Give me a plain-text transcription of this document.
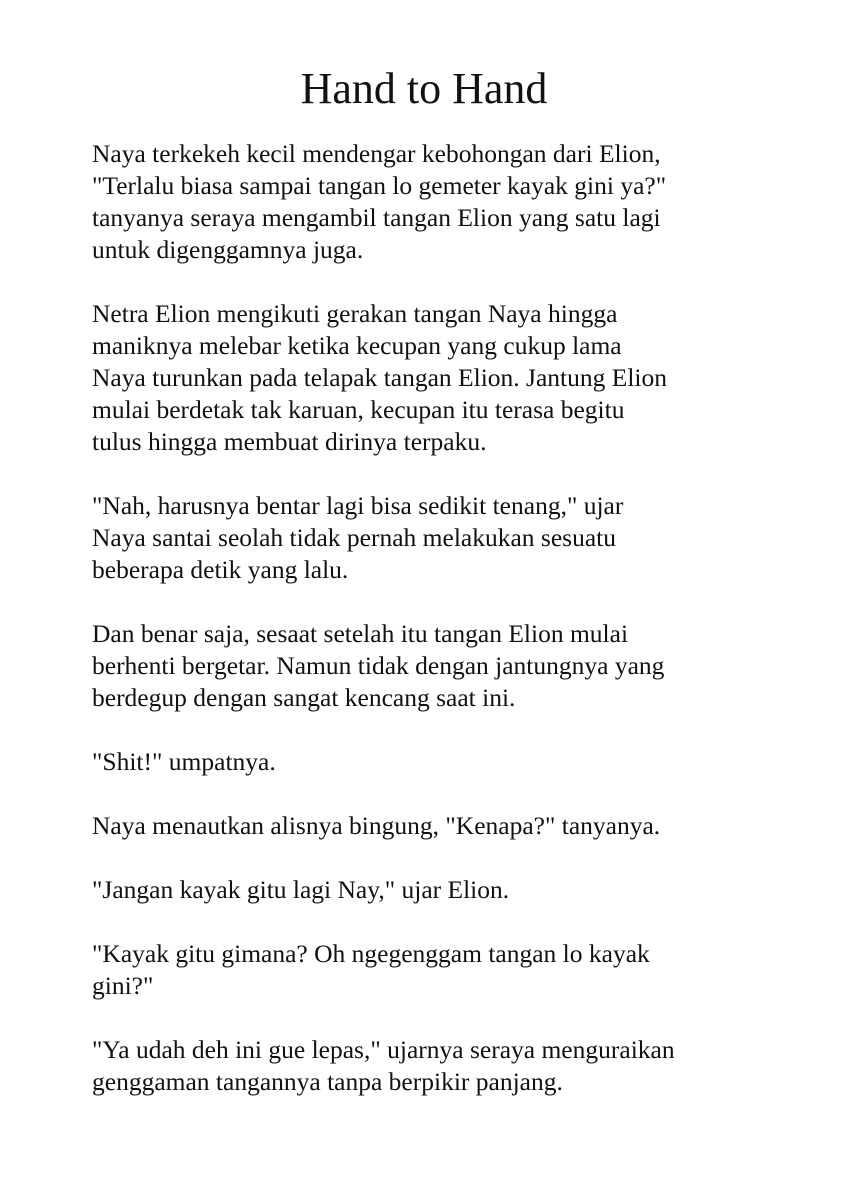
Hand to Hand

Naya terkekeh kecil mendengar kebohongan dari Elion,
"Terlalu biasa sampai tangan lo gemeter kayak gini ya?"
tanyanya seraya mengambil tangan Elion yang satu lagi
untuk digenggamnya juga.

Netra Elion mengikuti gerakan tangan Naya hingga
maniknya melebar ketika kecupan yang cukup lama
Naya turunkan pada telapak tangan Elion. Jantung Elion
mulai berdetak tak karuan, kecupan itu terasa begitu
tulus hingga membuat dirinya terpaku.

"Nah, harusnya bentar lagi bisa sedikit tenang," ujar
Naya santai seolah tidak pernah melakukan sesuatu
beberapa detik yang lalu.

Dan benar saja, sesaat setelah itu tangan Elion mulai
berhenti bergetar. Namun tidak dengan jantungnya yang
berdegup dengan sangat kencang saat ini.

"Shit!" umpatnya.

Naya menautkan alisnya bingung, "Kenapa?" tanyanya.

"Jangan kayak gitu lagi Nay," ujar Elion.

"Kayak gitu gimana? Oh ngegenggam tangan lo kayak
gini?"

"Ya udah deh ini gue lepas," ujarnya seraya menguraikan
genggaman tangannya tanpa berpikir panjang.
